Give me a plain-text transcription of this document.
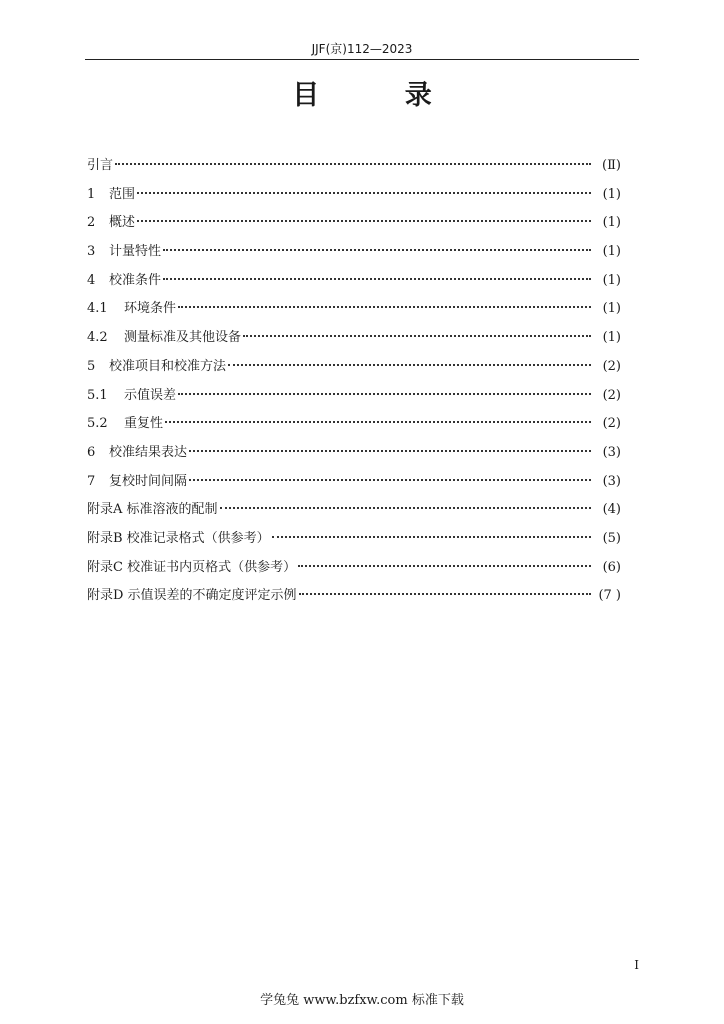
JJF(京)112—2023
目 录
引言	(Ⅱ)
1	范围	(1)
2	概述	(1)
3	计量特性	(1)
4	校准条件	(1)
4.1	环境条件	(1)
4.2	测量标准及其他设备	(1)
5	校准项目和校准方法	(2)
5.1	示值误差	(2)
5.2	重复性	(2)
6	校准结果表达	(3)
7	复校时间间隔	(3)
附录A 标准溶液的配制	(4)
附录B 校准记录格式（供参考）	(5)
附录C 校准证书内页格式（供参考）	(6)
附录D 示值误差的不确定度评定示例	(7 )
I
学兔兔 www.bzfxw.com 标准下载
